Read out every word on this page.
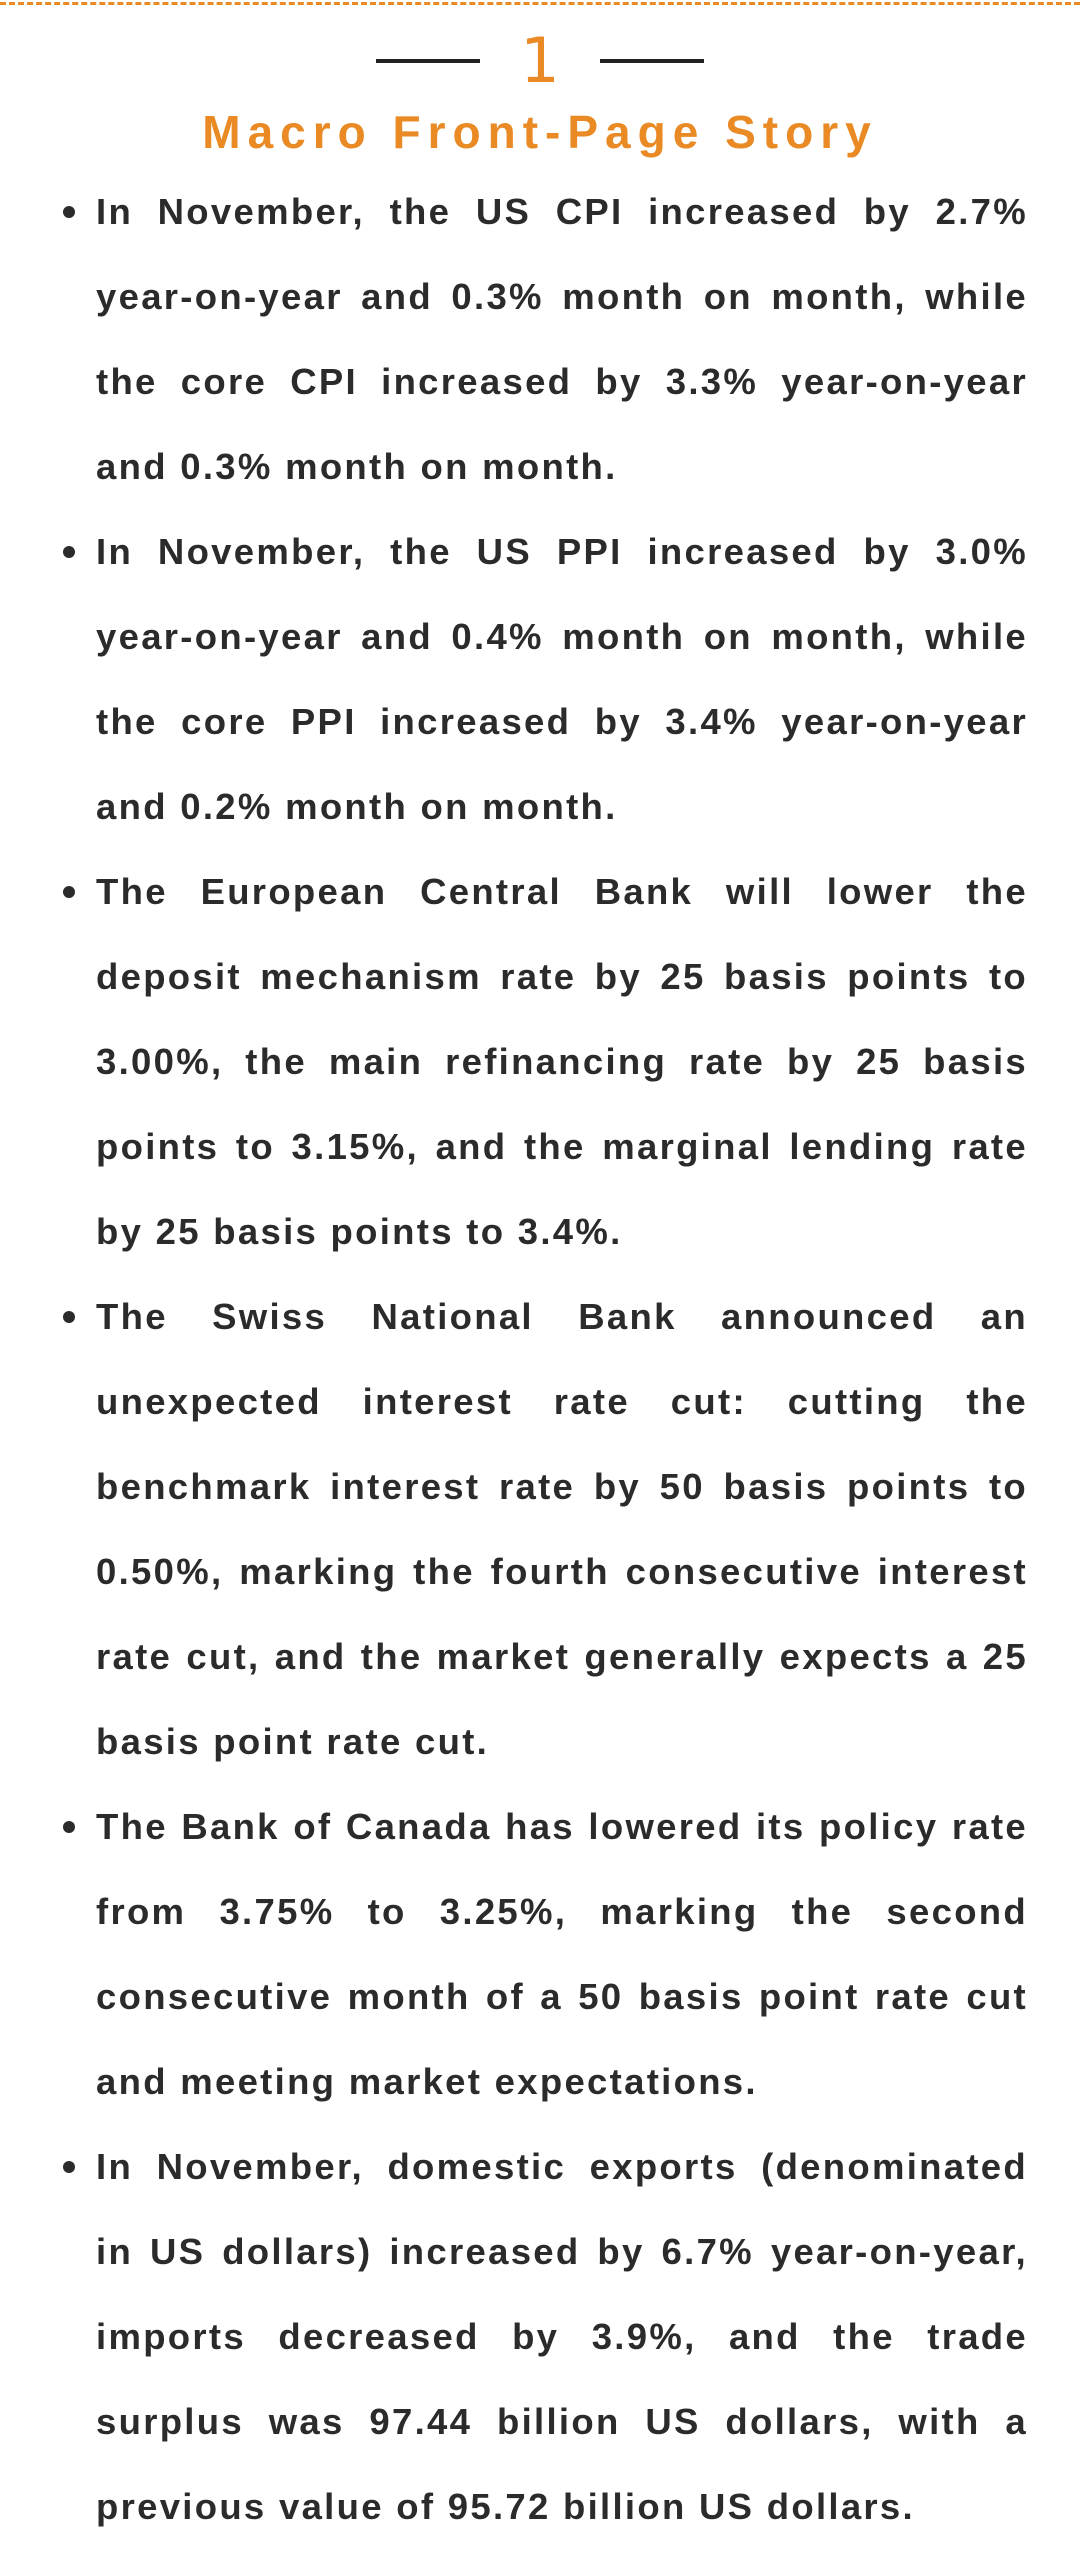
1
Macro Front-Page Story
In November, the US CPI increased by 2.7% year-on-year and 0.3% month on month, while the core CPI increased by 3.3% year-on-year and 0.3% month on month.
In November, the US PPI increased by 3.0% year-on-year and 0.4% month on month, while the core PPI increased by 3.4% year-on-year and 0.2% month on month.
The European Central Bank will lower the deposit mechanism rate by 25 basis points to 3.00%, the main refinancing rate by 25 basis points to 3.15%, and the marginal lending rate by 25 basis points to 3.4%.
The Swiss National Bank announced an unexpected interest rate cut: cutting the benchmark interest rate by 50 basis points to 0.50%, marking the fourth consecutive interest rate cut, and the market generally expects a 25 basis point rate cut.
The Bank of Canada has lowered its policy rate from 3.75% to 3.25%, marking the second consecutive month of a 50 basis point rate cut and meeting market expectations.
In November, domestic exports (denominated in US dollars) increased by 6.7% year-on-year, imports decreased by 3.9%, and the trade surplus was 97.44 billion US dollars, with a previous value of 95.72 billion US dollars.
